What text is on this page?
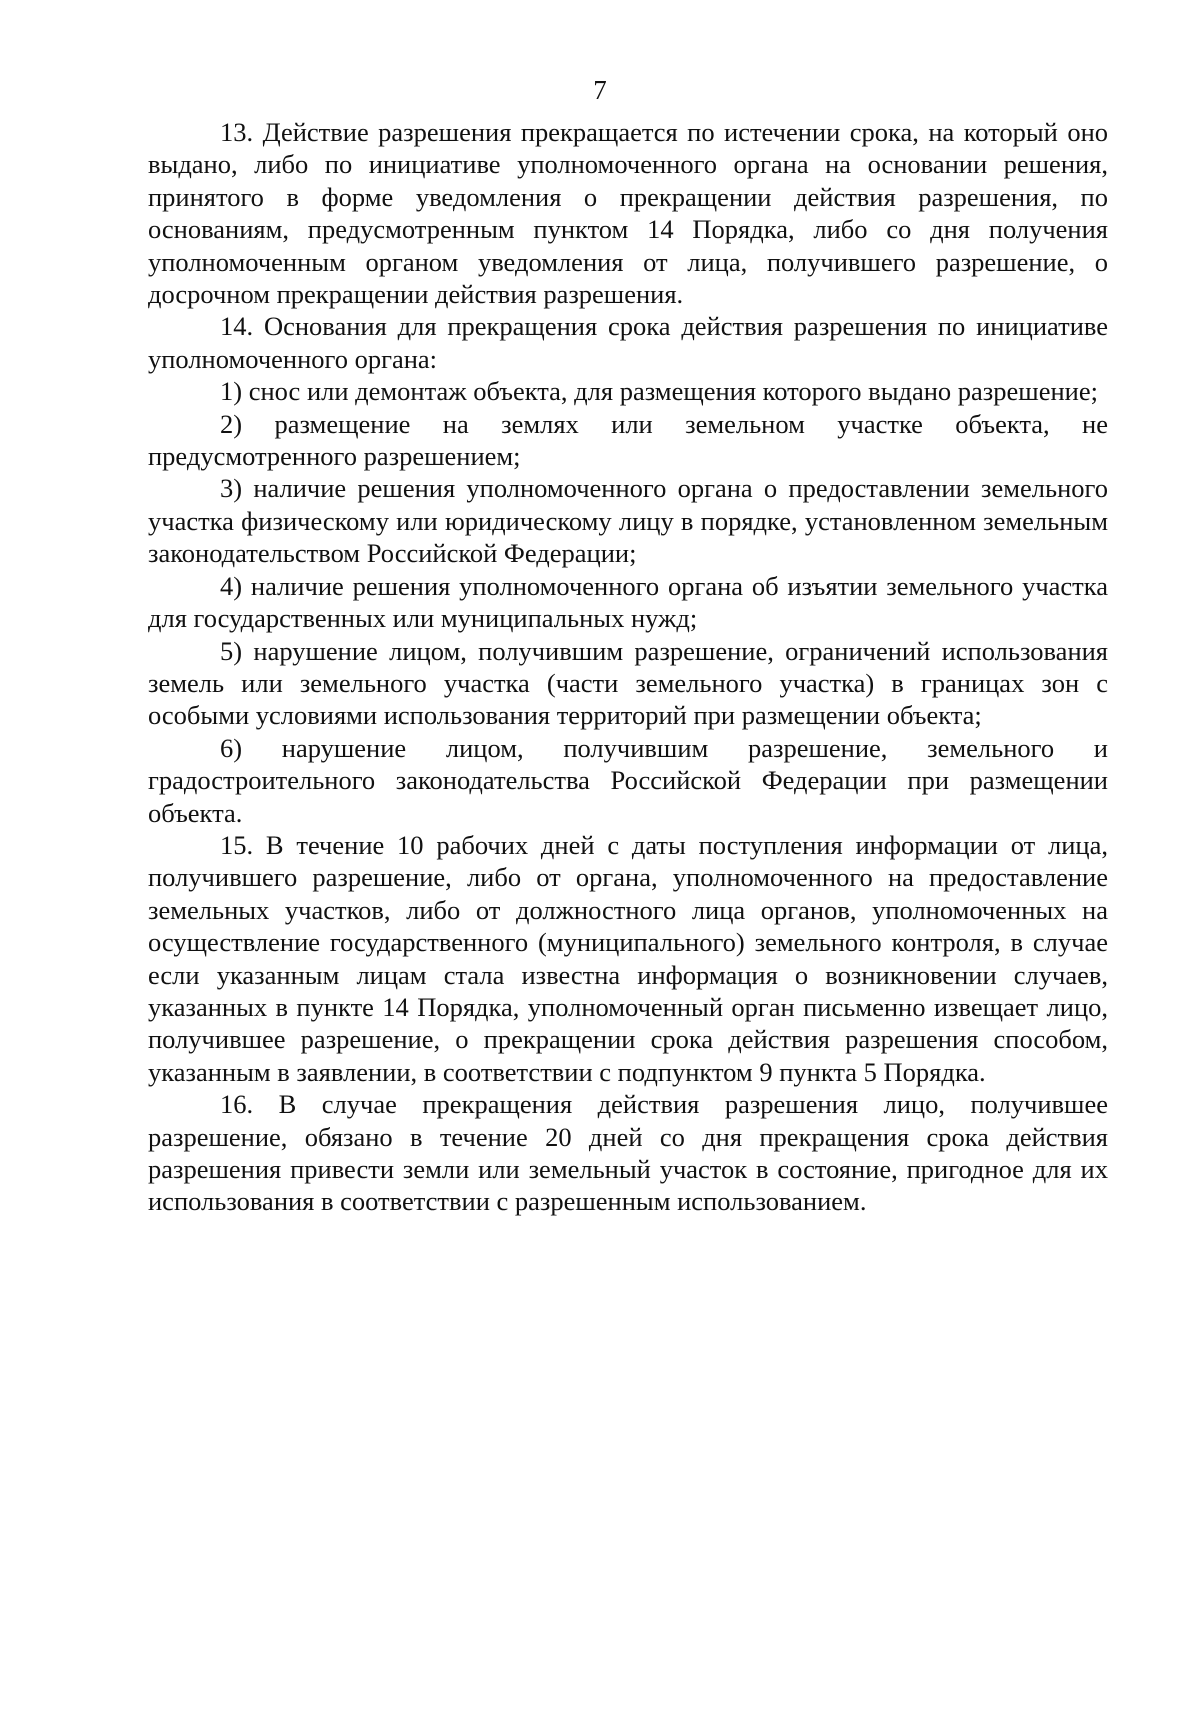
7

13. Действие разрешения прекращается по истечении срока, на который оно выдано, либо по инициативе уполномоченного органа на основании решения, принятого в форме уведомления о прекращении действия разрешения, по основаниям, предусмотренным пунктом 14 Порядка, либо со дня получения уполномоченным органом уведомления от лица, получившего разрешение, о досрочном прекращении действия разрешения.

14. Основания для прекращения срока действия разрешения по инициативе уполномоченного органа:

1) снос или демонтаж объекта, для размещения которого выдано разрешение;

2) размещение на землях или земельном участке объекта, не предусмотренного разрешением;

3) наличие решения уполномоченного органа о предоставлении земельного участка физическому или юридическому лицу в порядке, установленном земельным законодательством Российской Федерации;

4) наличие решения уполномоченного органа об изъятии земельного участка для государственных или муниципальных нужд;

5) нарушение лицом, получившим разрешение, ограничений использования земель или земельного участка (части земельного участка) в границах зон с особыми условиями использования территорий при размещении объекта;

6) нарушение лицом, получившим разрешение, земельного и градостроительного законодательства Российской Федерации при размещении объекта.

15. В течение 10 рабочих дней с даты поступления информации от лица, получившего разрешение, либо от органа, уполномоченного на предоставление земельных участков, либо от должностного лица органов, уполномоченных на осуществление государственного (муниципального) земельного контроля, в случае если указанным лицам стала известна информация о возникновении случаев, указанных в пункте 14 Порядка, уполномоченный орган письменно извещает лицо, получившее разрешение, о прекращении срока действия разрешения способом, указанным в заявлении, в соответствии с подпунктом 9 пункта 5 Порядка.

16. В случае прекращения действия разрешения лицо, получившее разрешение, обязано в течение 20 дней со дня прекращения срока действия разрешения привести земли или земельный участок в состояние, пригодное для их использования в соответствии с разрешенным использованием.
